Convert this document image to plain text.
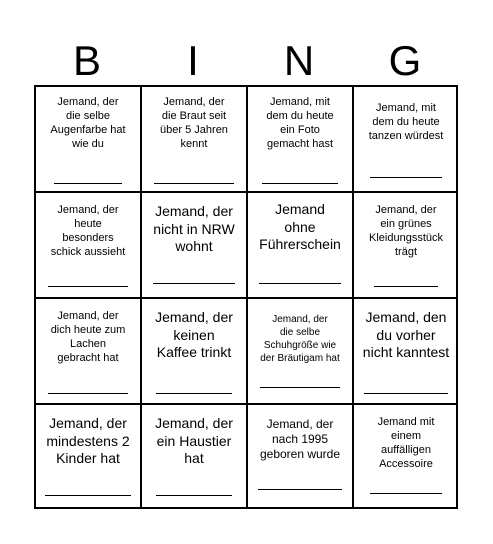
B	I	N	G
Jemand, der
die selbe
Augenfarbe hat
wie du
Jemand, der
die Braut seit
über 5 Jahren
kennt
Jemand, mit
dem du heute
ein Foto
gemacht hast
Jemand, mit
dem du heute
tanzen würdest
Jemand, der
heute
besonders
schick aussieht
Jemand, der
nicht in NRW
wohnt
Jemand
ohne
Führerschein
Jemand, der
ein grünes
Kleidungsstück
trägt
Jemand, der
dich heute zum
Lachen
gebracht hat
Jemand, der
keinen
Kaffee trinkt
Jemand, der
die selbe
Schuhgröße wie
der Bräutigam hat
Jemand, den
du vorher
nicht kanntest
Jemand, der
mindestens 2
Kinder hat
Jemand, der
ein Haustier
hat
Jemand, der
nach 1995
geboren wurde
Jemand mit
einem
auffälligen
Accessoire
